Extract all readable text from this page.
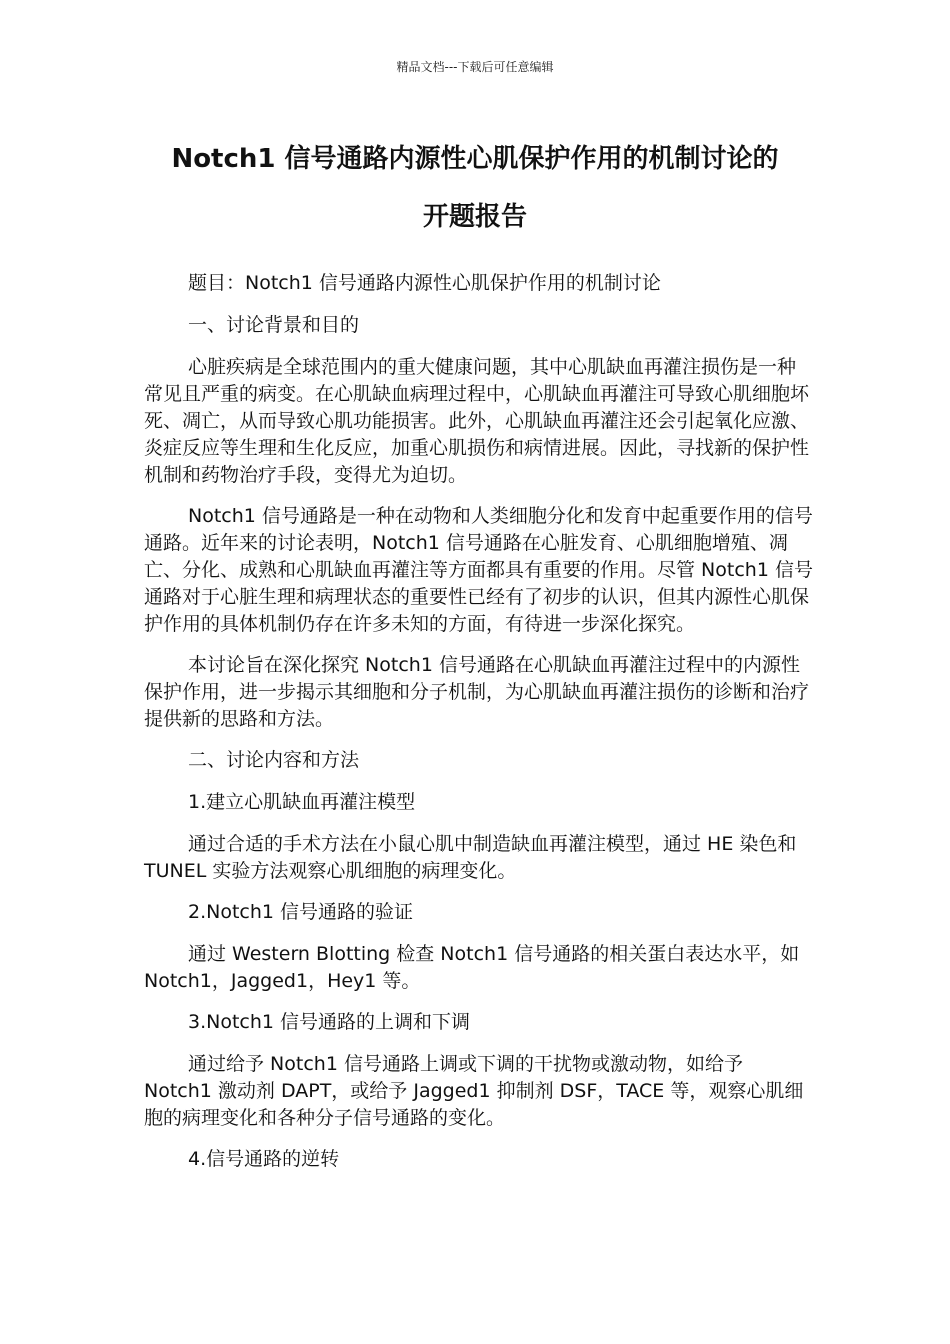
精品文档---下载后可任意编辑
Notch1 信号通路内源性心肌保护作用的机制讨论的
开题报告

题目：Notch1 信号通路内源性心肌保护作用的机制讨论

一、讨论背景和目的

心脏疾病是全球范围内的重大健康问题，其中心肌缺血再灌注损伤是一种常见且严重的病变。在心肌缺血病理过程中，心肌缺血再灌注可导致心肌细胞坏死、凋亡，从而导致心肌功能损害。此外，心肌缺血再灌注还会引起氧化应激、炎症反应等生理和生化反应，加重心肌损伤和病情进展。因此，寻找新的保护性机制和药物治疗手段，变得尤为迫切。

Notch1 信号通路是一种在动物和人类细胞分化和发育中起重要作用的信号通路。近年来的讨论表明，Notch1 信号通路在心脏发育、心肌细胞增殖、凋亡、分化、成熟和心肌缺血再灌注等方面都具有重要的作用。尽管 Notch1 信号通路对于心脏生理和病理状态的重要性已经有了初步的认识，但其内源性心肌保护作用的具体机制仍存在许多未知的方面，有待进一步深化探究。

本讨论旨在深化探究 Notch1 信号通路在心肌缺血再灌注过程中的内源性保护作用，进一步揭示其细胞和分子机制，为心肌缺血再灌注损伤的诊断和治疗提供新的思路和方法。

二、讨论内容和方法

1.建立心肌缺血再灌注模型

通过合适的手术方法在小鼠心肌中制造缺血再灌注模型，通过 HE 染色和 TUNEL 实验方法观察心肌细胞的病理变化。

2.Notch1 信号通路的验证

通过 Western Blotting 检查 Notch1 信号通路的相关蛋白表达水平，如 Notch1，Jagged1，Hey1 等。

3.Notch1 信号通路的上调和下调

通过给予 Notch1 信号通路上调或下调的干扰物或激动物，如给予 Notch1 激动剂 DAPT，或给予 Jagged1 抑制剂 DSF，TACE 等，观察心肌细胞的病理变化和各种分子信号通路的变化。

4.信号通路的逆转
